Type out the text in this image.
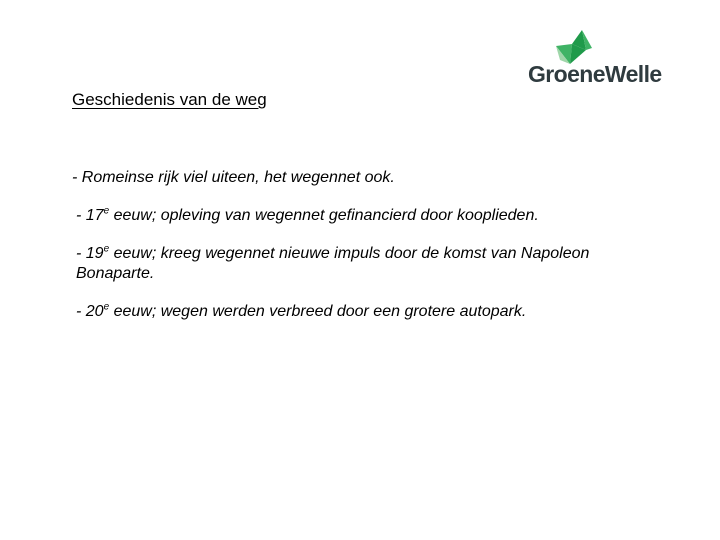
GroeneWelle
Geschiedenis van de weg

- Romeinse rijk viel uiteen, het wegennet ook.

- 17e eeuw; opleving van wegennet gefinancierd door kooplieden.

- 19e eeuw; kreeg wegennet nieuwe impuls door de komst van Napoleon Bonaparte.

- 20e eeuw; wegen werden verbreed door een grotere autopark.
